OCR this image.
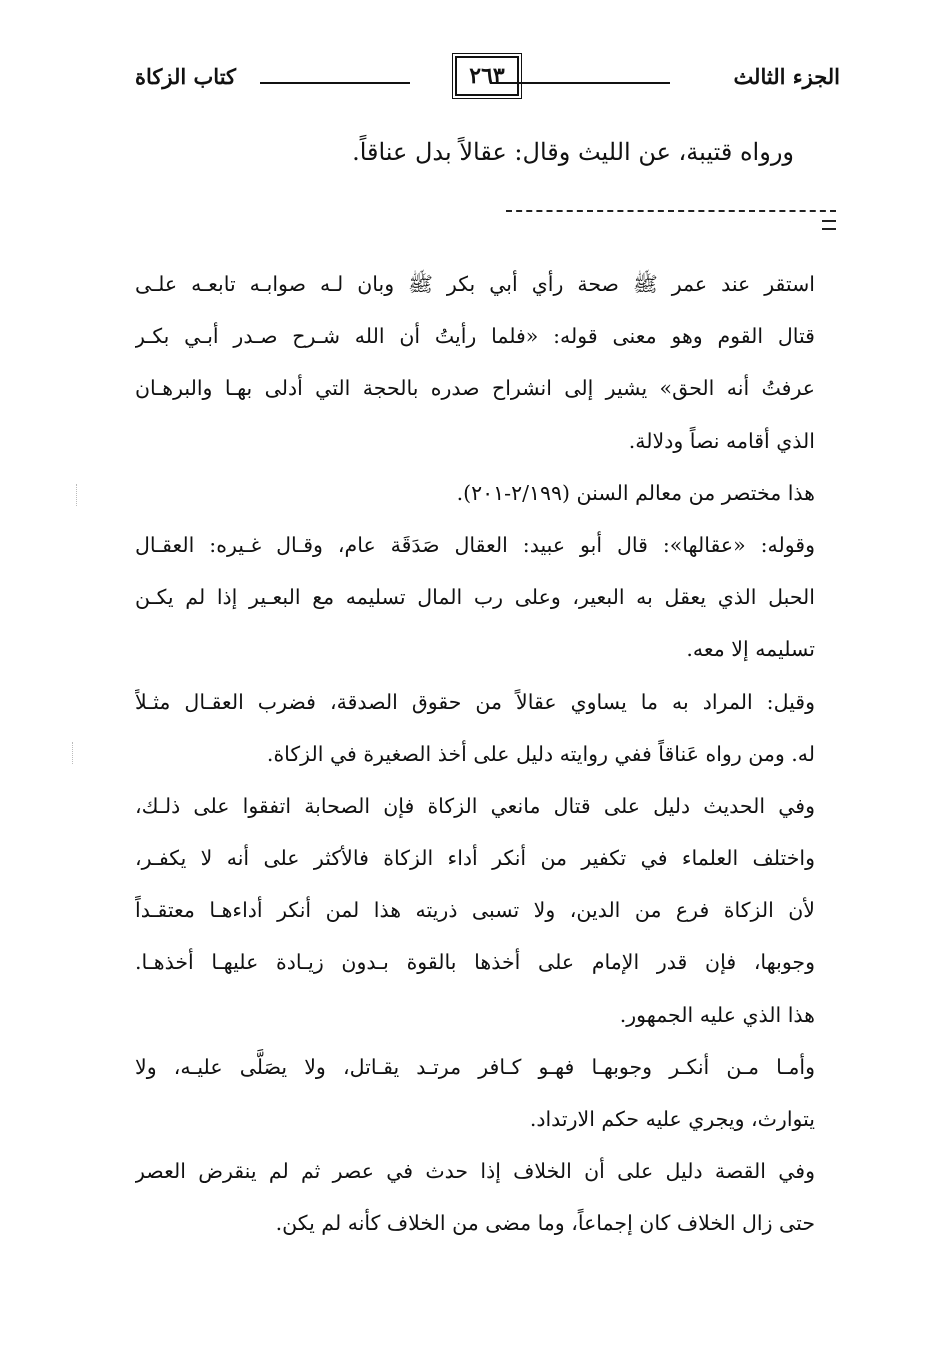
الجزء الثالث
٢٦٣
كتاب الزكاة
ورواه قتيبة، عن الليث وقال: عقالاً بدل عناقاً.
استقر عند عمر ﷺ صحة رأي أبي بكر ﷺ وبان لـه صوابـه تابعـه علـى
قتال القوم وهو معنى قوله: «فلما رأيتُ أن الله شـرح صـدر أبـي بكـر
عرفتُ أنه الحق» يشير إلى انشراح صدره بالحجة التي أدلى بهـا والبرهـان
الذي أقامه نصاً ودلالة.
هذا مختصر من معالم السنن (٢/١٩٩-٢٠١).
وقوله: «عقالها»: قال أبو عبيد: العقال صَدَقَة عام، وقـال غـيره: العقـال
الحبل الذي يعقل به البعير، وعلى رب المال تسليمه مع البعـير إذا لم يكـن
تسليمه إلا معه.
وقيل: المراد به ما يساوي عقالاً من حقوق الصدقة، فضرب العقـال مثـلاً
له. ومن رواه عَناقاً ففي روايته دليل على أخذ الصغيرة في الزكاة.
وفي الحديث دليل على قتال مانعي الزكاة فإن الصحابة اتفقوا على ذلـك،
واختلف العلماء في تكفير من أنكر أداء الزكاة فالأكثر على أنه لا يكفـر،
لأن الزكاة فرع من الدين، ولا تسبى ذريته هذا لمن أنكر أداءهـا معتقـداً
وجوبها، فإن قدر الإمام على أخذها بالقوة بـدون زيـادة عليهـا أخذهـا.
هذا الذي عليه الجمهور.
وأمـا مـن أنكـر وجوبهـا فهـو كـافر مرتـد يقـاتل، ولا يصَلَّى عليـه، ولا
يتوارث، ويجري عليه حكم الارتداد.
وفي القصة دليل على أن الخلاف إذا حدث في عصر ثم لم ينقرض العصر
حتى زال الخلاف كان إجماعاً، وما مضى من الخلاف كأنه لم يكن.
